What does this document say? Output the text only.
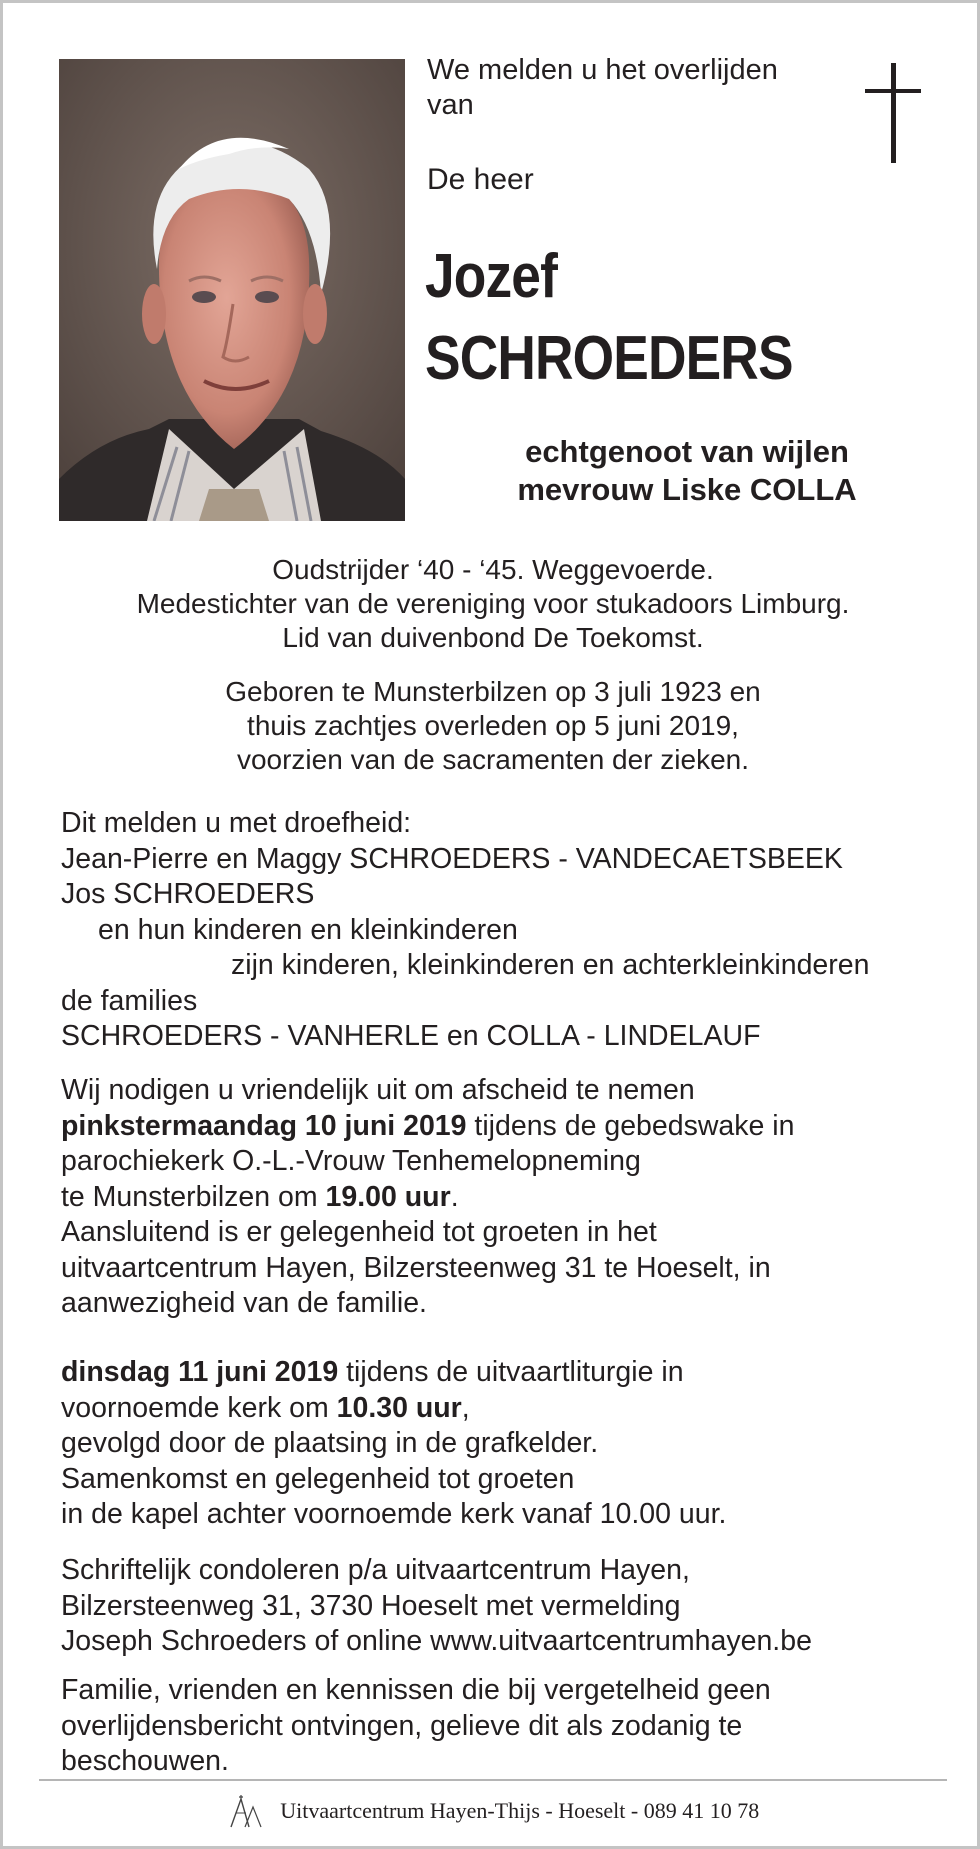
We melden u het overlijden
van
De heer
Jozef
SCHROEDERS
echtgenoot van wijlen
mevrouw Liske COLLA
Oudstrijder ‘40 - ‘45. Weggevoerde.
Medestichter van de vereniging voor stukadoors Limburg.
Lid van duivenbond De Toekomst.
Geboren te Munsterbilzen op 3 juli 1923 en
thuis zachtjes overleden op 5 juni 2019,
voorzien van de sacramenten der zieken.
Dit melden u met droefheid:
Jean-Pierre en Maggy SCHROEDERS - VANDECAETSBEEK
Jos SCHROEDERS
en hun kinderen en kleinkinderen
zijn kinderen, kleinkinderen en achterkleinkinderen
de families
SCHROEDERS - VANHERLE en COLLA - LINDELAUF
Wij nodigen u vriendelijk uit om afscheid te nemen
pinkstermaandag 10 juni 2019 tijdens de gebedswake in
parochiekerk O.-L.-Vrouw Tenhemelopneming
te Munsterbilzen om 19.00 uur.
Aansluitend is er gelegenheid tot groeten in het
uitvaartcentrum Hayen, Bilzersteenweg 31 te Hoeselt, in
aanwezigheid van de familie.
dinsdag 11 juni 2019 tijdens de uitvaartliturgie in
voornoemde kerk om 10.30 uur,
gevolgd door de plaatsing in de grafkelder.
Samenkomst en gelegenheid tot groeten
in de kapel achter voornoemde kerk vanaf 10.00 uur.
Schriftelijk condoleren p/a uitvaartcentrum Hayen,
Bilzersteenweg 31, 3730 Hoeselt met vermelding
Joseph Schroeders of online www.uitvaartcentrumhayen.be
Familie, vrienden en kennissen die bij vergetelheid geen
overlijdensbericht ontvingen, gelieve dit als zodanig te
beschouwen.
Uitvaartcentrum Hayen-Thijs - Hoeselt - 089 41 10 78
